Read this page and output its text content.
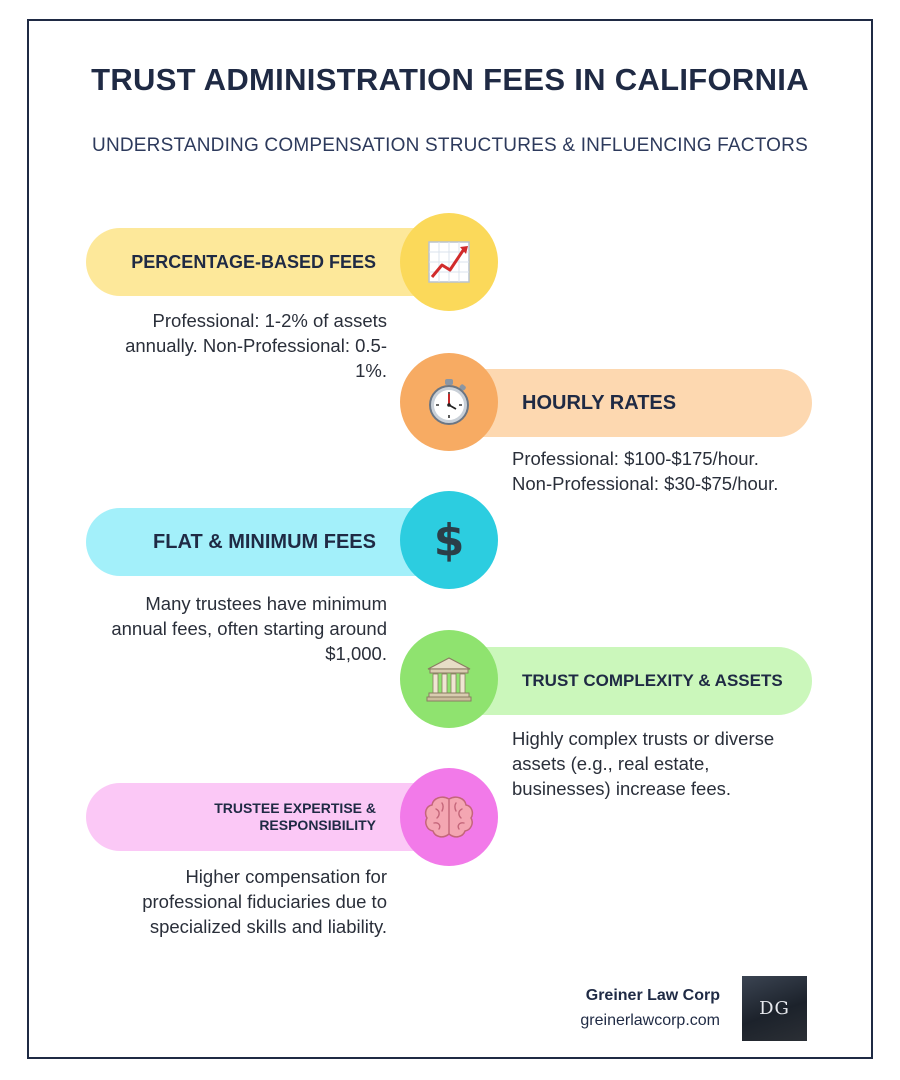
TRUST ADMINISTRATION FEES IN CALIFORNIA
UNDERSTANDING COMPENSATION STRUCTURES & INFLUENCING FACTORS
PERCENTAGE-BASED FEES
Professional: 1-2% of assets annually. Non-Professional: 0.5-1%.
HOURLY RATES
Professional: $100-$175/hour. Non-Professional: $30-$75/hour.
FLAT & MINIMUM FEES $
Many trustees have minimum annual fees, often starting around $1,000.
TRUST COMPLEXITY & ASSETS
Highly complex trusts or diverse assets (e.g., real estate, businesses) increase fees.
TRUSTEE EXPERTISE & RESPONSIBILITY
Higher compensation for professional fiduciaries due to specialized skills and liability.
Greiner Law Corp
greinerlawcorp.com
DG
